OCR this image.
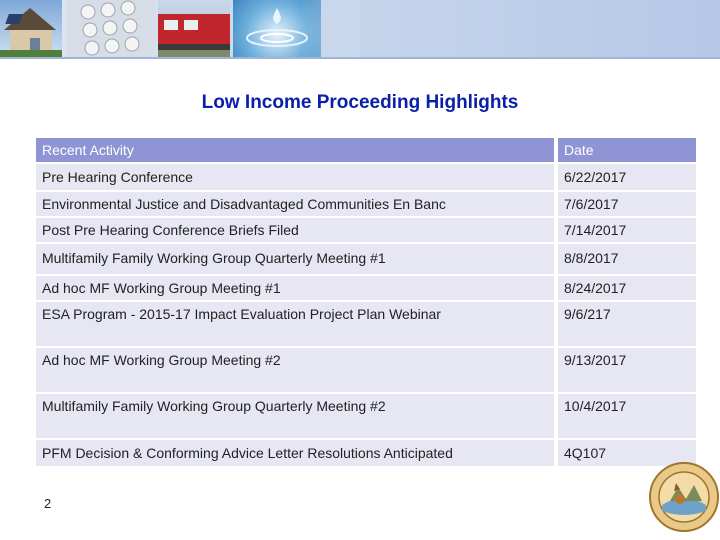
Low Income Proceeding Highlights
Recent Activity	Date
Pre Hearing Conference	6/22/2017
Environmental Justice and Disadvantaged Communities En Banc	7/6/2017
Post Pre Hearing Conference Briefs Filed	7/14/2017
Multifamily Family Working Group Quarterly Meeting #1	8/8/2017
Ad hoc MF Working Group Meeting #1	8/24/2017
ESA Program - 2015-17 Impact Evaluation Project Plan Webinar	9/6/217
Ad hoc MF Working Group Meeting #2	9/13/2017
Multifamily Family Working Group Quarterly Meeting #2	10/4/2017
PFM Decision & Conforming Advice Letter Resolutions Anticipated	4Q107
2
